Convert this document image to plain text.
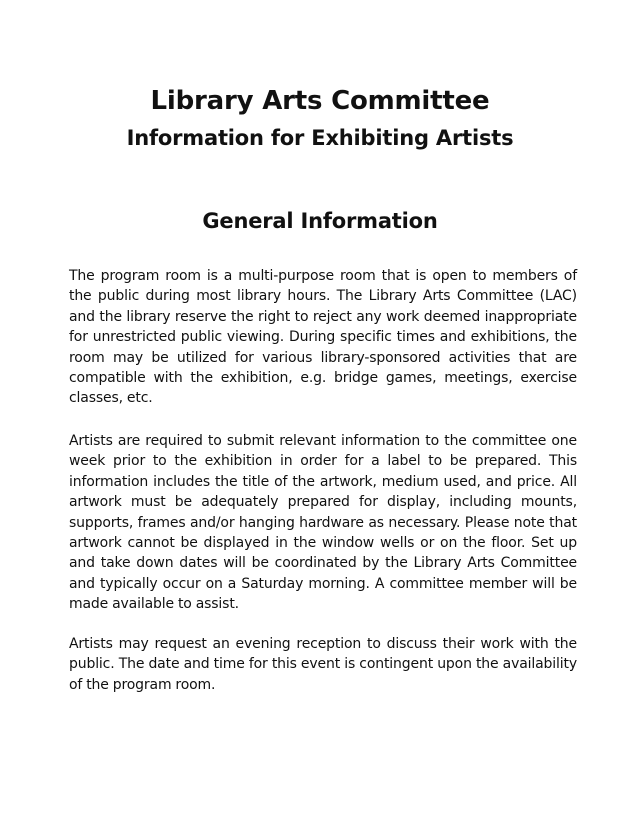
Library Arts Committee
Information for Exhibiting Artists
General Information

The program room is a multi-purpose room that is open to members of the public during most library hours. The Library Arts Committee (LAC) and the library reserve the right to reject any work deemed inappropriate for unrestricted public viewing. During specific times and exhibitions, the room may be utilized for various library-sponsored activities that are compatible with the exhibition, e.g. bridge games, meetings, exercise classes, etc.

Artists are required to submit relevant information to the committee one week prior to the exhibition in order for a label to be prepared. This information includes the title of the artwork, medium used, and price. All artwork must be adequately prepared for display, including mounts, supports, frames and/or hanging hardware as necessary. Please note that artwork cannot be displayed in the window wells or on the floor. Set up and take down dates will be coordinated by the Library Arts Committee and typically occur on a Saturday morning. A committee member will be made available to assist.

Artists may request an evening reception to discuss their work with the public. The date and time for this event is contingent upon the availability of the program room.
